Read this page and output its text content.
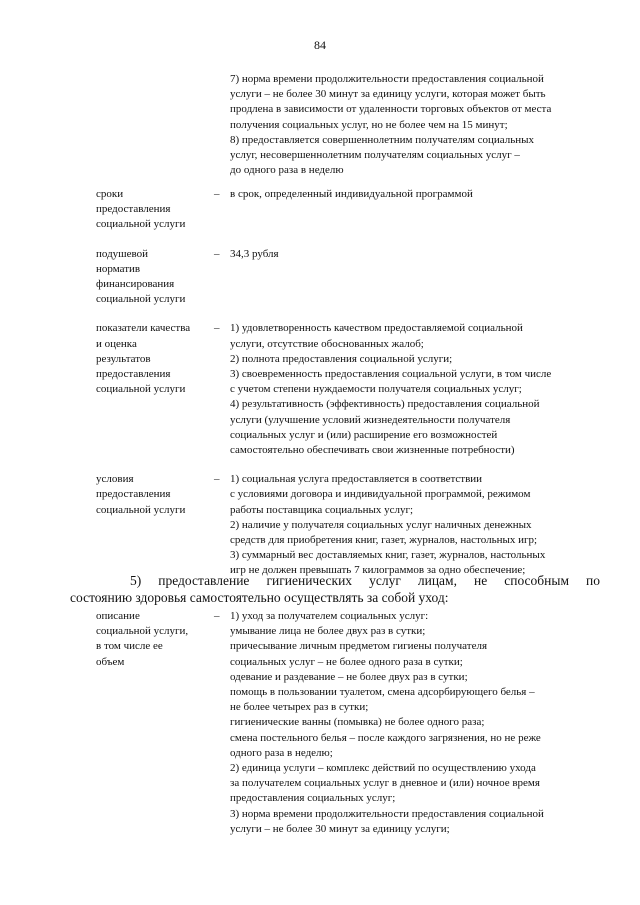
84
7) норма времени продолжительности предоставления социальной
услуги – не более 30 минут за единицу услуги, которая может быть
продлена в зависимости от удаленности торговых объектов от места
получения социальных услуг, но не более чем на 15 минут;
8) предоставляется совершеннолетним получателям социальных
услуг, несовершеннолетним получателям социальных услуг –
до одного раза в неделю
сроки
предоставления
социальной услуги
– в срок, определенный индивидуальной программой
подушевой
норматив
финансирования
социальной услуги
– 34,3 рубля
показатели качества
и оценка
результатов
предоставления
социальной услуги
– 1) удовлетворенность качеством предоставляемой социальной
услуги, отсутствие обоснованных жалоб;
2) полнота предоставления социальной услуги;
3) своевременность предоставления социальной услуги, в том числе
с учетом степени нуждаемости получателя социальных услуг;
4) результативность (эффективность) предоставления социальной
услуги (улучшение условий жизнедеятельности получателя
социальных услуг и (или) расширение его возможностей
самостоятельно обеспечивать свои жизненные потребности)
условия
предоставления
социальной услуги
– 1) социальная услуга предоставляется в соответствии
с условиями договора и индивидуальной программой, режимом
работы поставщика социальных услуг;
2) наличие у получателя социальных услуг наличных денежных
средств для приобретения книг, газет, журналов, настольных игр;
3) суммарный вес доставляемых книг, газет, журналов, настольных
игр не должен превышать 7 килограммов за одно обеспечение;
5) предоставление гигиенических услуг лицам, не способным по
состоянию здоровья самостоятельно осуществлять за собой уход:
описание
социальной услуги,
в том числе ее
объем
– 1) уход за получателем социальных услуг:
умывание лица не более двух раз в сутки;
причесывание личным предметом гигиены получателя
социальных услуг – не более одного раза в сутки;
одевание и раздевание – не более двух раз в сутки;
помощь в пользовании туалетом, смена адсорбирующего белья –
не более четырех раз в сутки;
гигиенические ванны (помывка) не более одного раза;
смена постельного белья – после каждого загрязнения, но не реже
одного раза в неделю;
2) единица услуги – комплекс действий по осуществлению ухода
за получателем социальных услуг в дневное и (или) ночное время
предоставления социальных услуг;
3) норма времени продолжительности предоставления социальной
услуги – не более 30 минут за единицу услуги;
